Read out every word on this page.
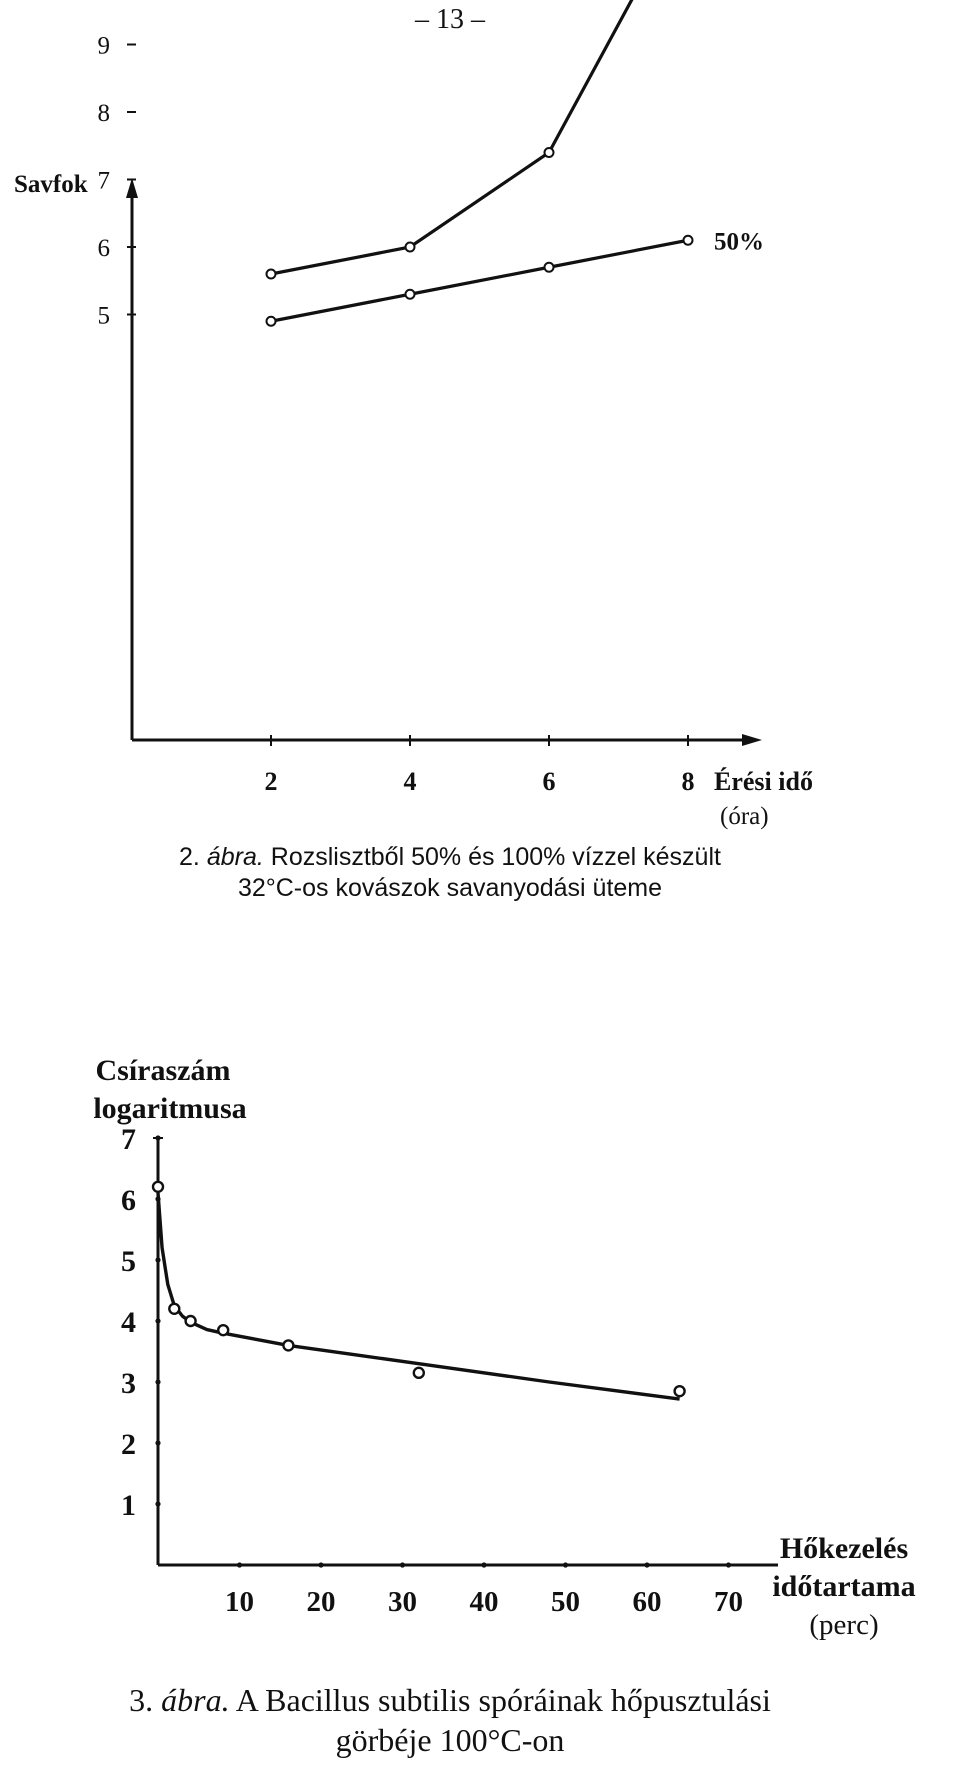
– 13 –
5
6
7
8
9
2	4	6	8
Savfok
Érési idő
(óra)
50%
2. ábra. Rozslisztből 50% és 100% vízzel készült
32°C-os kovászok savanyodási üteme
1
2
3
4
5
6
7
10 20 30 40 50 60 70
Csíraszám
logaritmusa
Hőkezelés
időtartama
(perc)
3. ábra. A Bacillus subtilis spóráinak hőpusztulási
görbéje 100°C-on
